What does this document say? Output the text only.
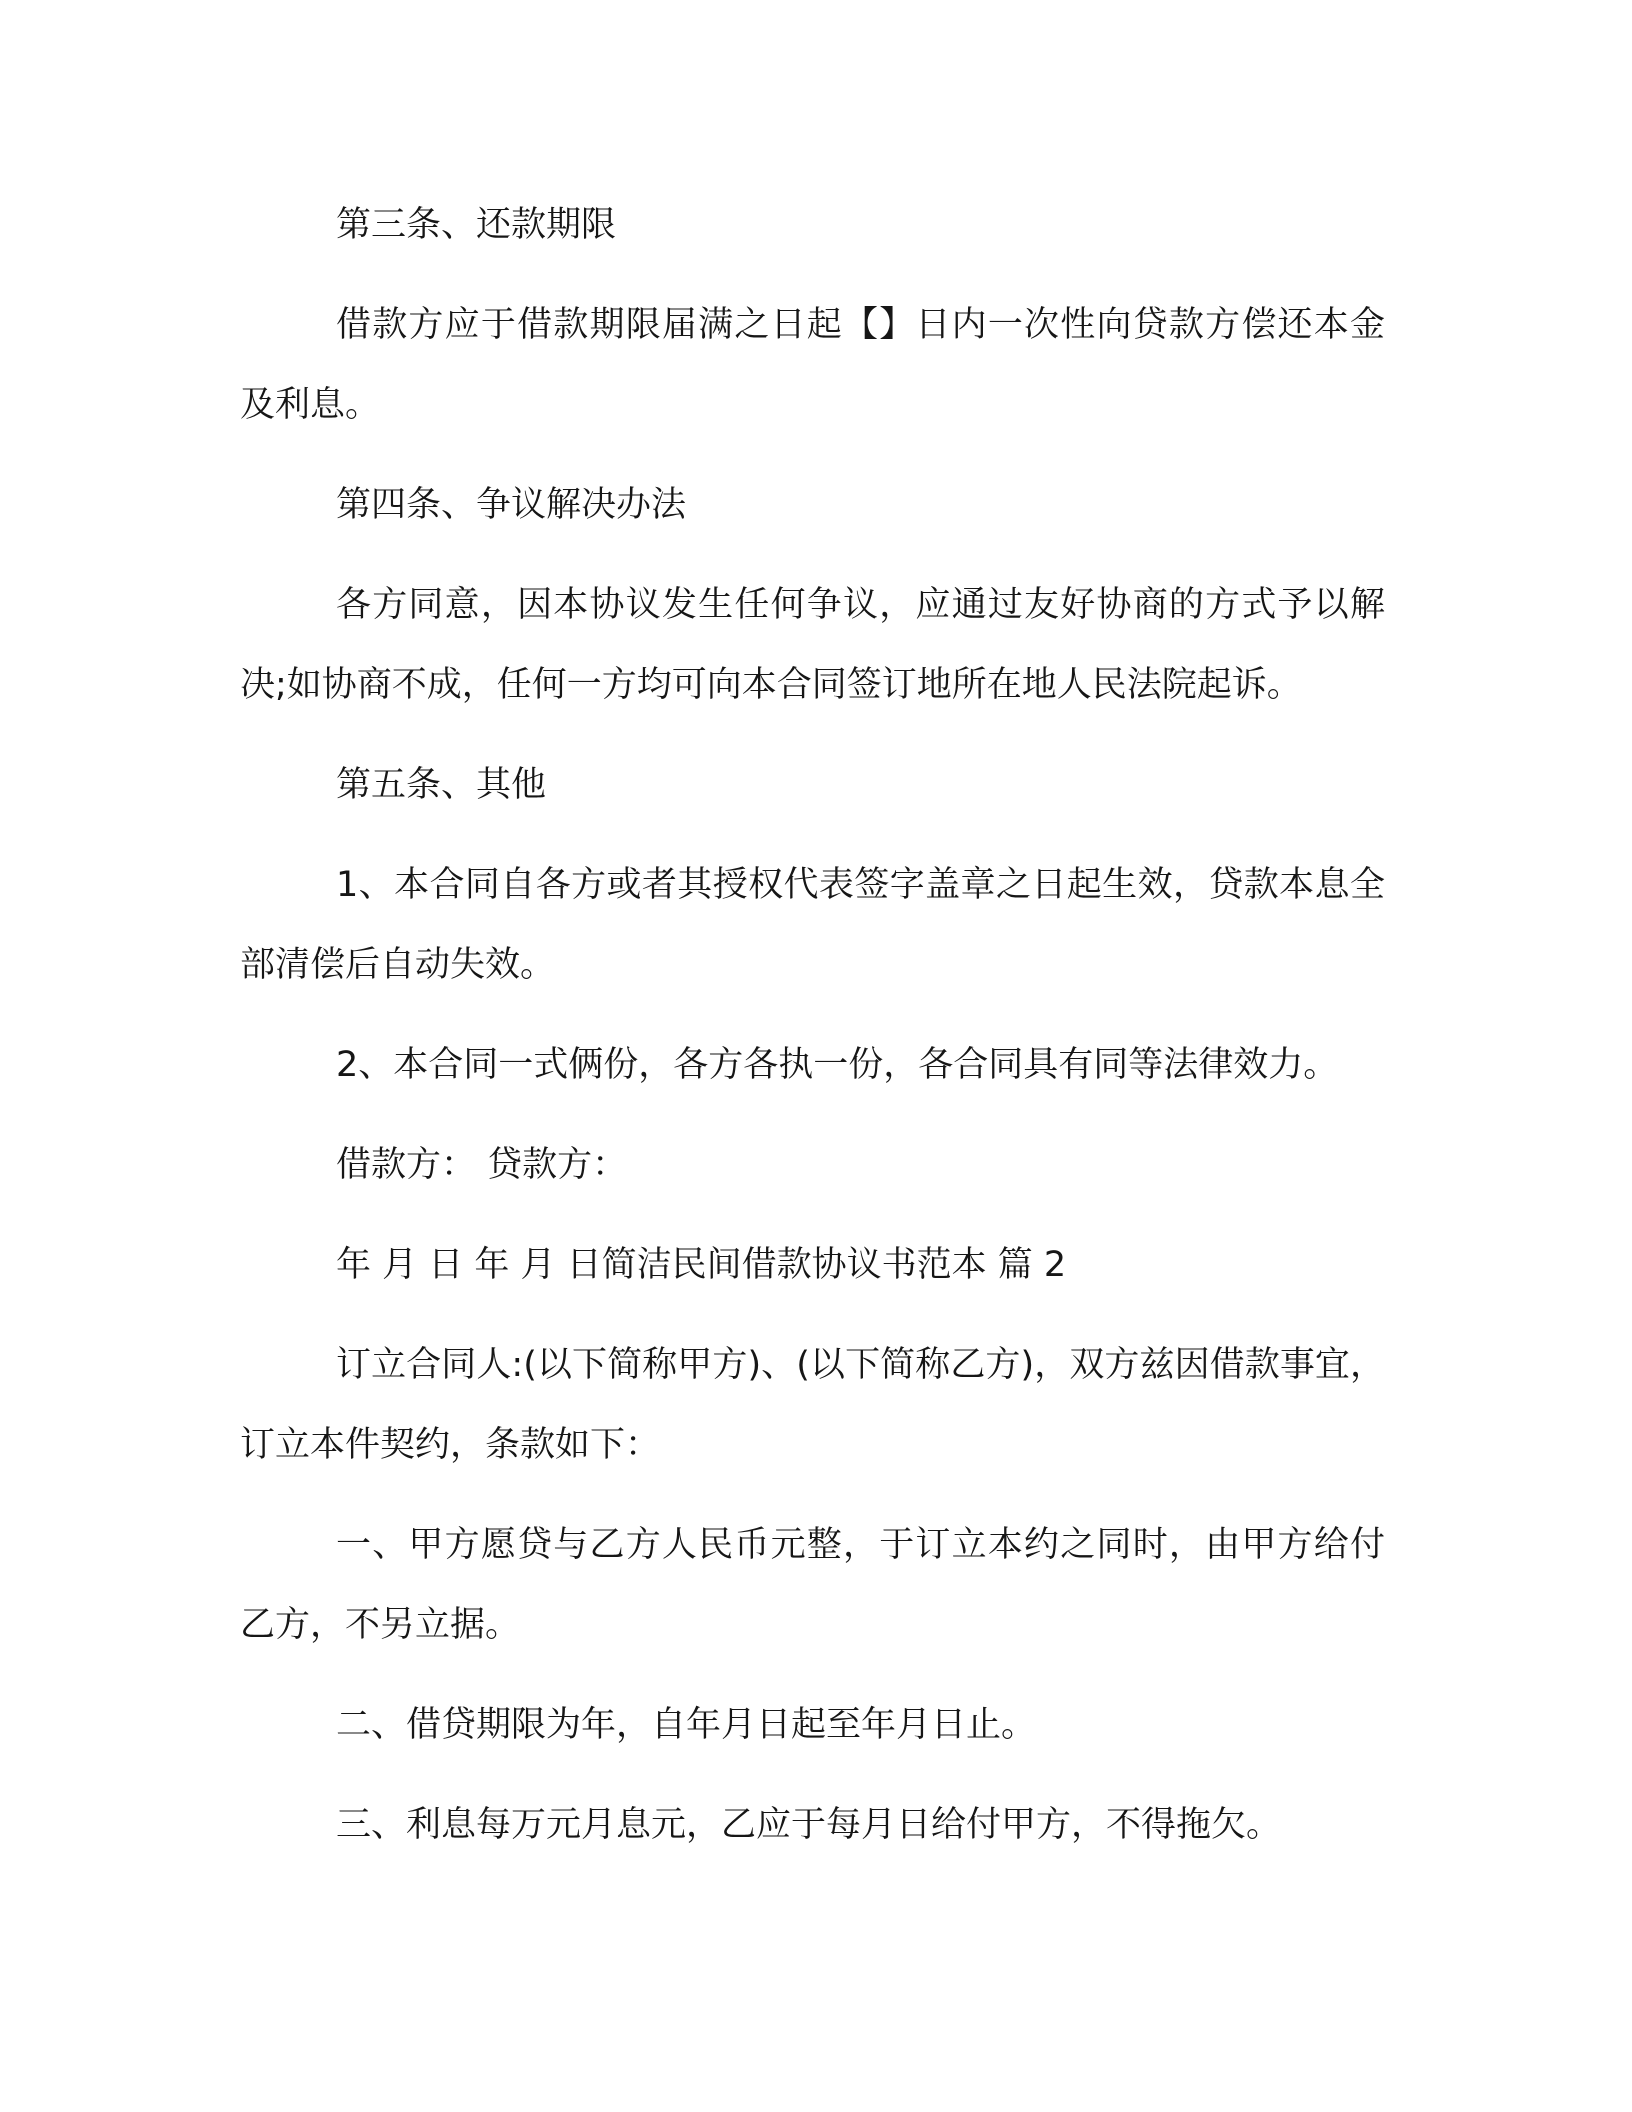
第三条、还款期限

借款方应于借款期限届满之日起【】日内一次性向贷款方偿还本金及利息。

第四条、争议解决办法

各方同意，因本协议发生任何争议，应通过友好协商的方式予以解决;如协商不成，任何一方均可向本合同签订地所在地人民法院起诉。

第五条、其他

1、本合同自各方或者其授权代表签字盖章之日起生效，贷款本息全部清偿后自动失效。

2、本合同一式俩份，各方各执一份，各合同具有同等法律效力。

借款方： 贷款方：

年 月 日 年 月 日简洁民间借款协议书范本 篇 2

订立合同人:(以下简称甲方)、(以下简称乙方)，双方兹因借款事宜，订立本件契约，条款如下：

一、甲方愿贷与乙方人民币元整，于订立本约之同时，由甲方给付乙方，不另立据。

二、借贷期限为年，自年月日起至年月日止。

三、利息每万元月息元，乙应于每月日给付甲方，不得拖欠。
